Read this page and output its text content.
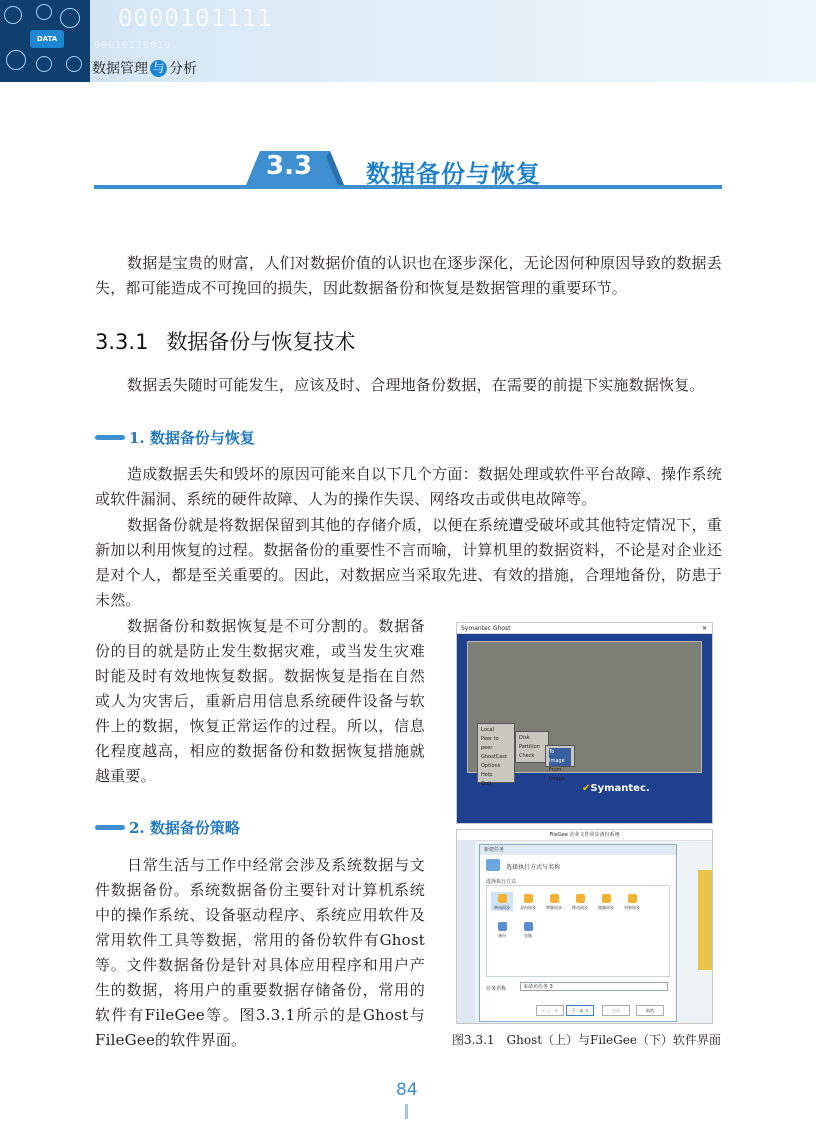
DATA
0000101111
00010110010
数据管理 与 分析
3.3 数据备份与恢复
数据是宝贵的财富，人们对数据价值的认识也在逐步深化，无论因何种原因导致的数据丢失，都可能造成不可挽回的损失，因此数据备份和恢复是数据管理的重要环节。
3.3.1 数据备份与恢复技术
数据丢失随时可能发生，应该及时、合理地备份数据，在需要的前提下实施数据恢复。
1. 数据备份与恢复
造成数据丢失和毁坏的原因可能来自以下几个方面：数据处理或软件平台故障、操作系统或软件漏洞、系统的硬件故障、人为的操作失误、网络攻击或供电故障等。
数据备份就是将数据保留到其他的存储介质，以便在系统遭受破坏或其他特定情况下，重新加以利用恢复的过程。数据备份的重要性不言而喻，计算机里的数据资料，不论是对企业还是对个人，都是至关重要的。因此，对数据应当采取先进、有效的措施，合理地备份，防患于未然。
数据备份和数据恢复是不可分割的。数据备份的目的就是防止发生数据灾难，或当发生灾难时能及时有效地恢复数据。数据恢复是指在自然或人为灾害后，重新启用信息系统硬件设备与软件上的数据，恢复正常运作的过程。所以，信息化程度越高，相应的数据备份和数据恢复措施就越重要。
2. 数据备份策略
日常生活与工作中经常会涉及系统数据与文件数据备份。系统数据备份主要针对计算机系统中的操作系统、设备驱动程序、系统应用软件及常用软件工具等数据，常用的备份软件有Ghost等。文件数据备份是针对具体应用程序和用户产生的数据，将用户的重要数据存储备份，常用的软件有FileGee等。图3.3.1所示的是Ghost与FileGee的软件界面。
Symantec Ghost	✕
Local
Peer to peer
GhostCast
Options
Help
Quit
Disk
Partition
Check
To Image
From Image
✔Symantec.
FileGee 企业文件同步备份系统
新建任务
选择执行方式与名称
选择执行方式
单向同步	双向同步	增量同步	移动同步	镜像同步	更新同步
备份	克隆
任务名称	未命名任务 3
< 上一步	下一步 >	完成	取消
图3.3.1　Ghost（上）与FileGee（下）软件界面
84
